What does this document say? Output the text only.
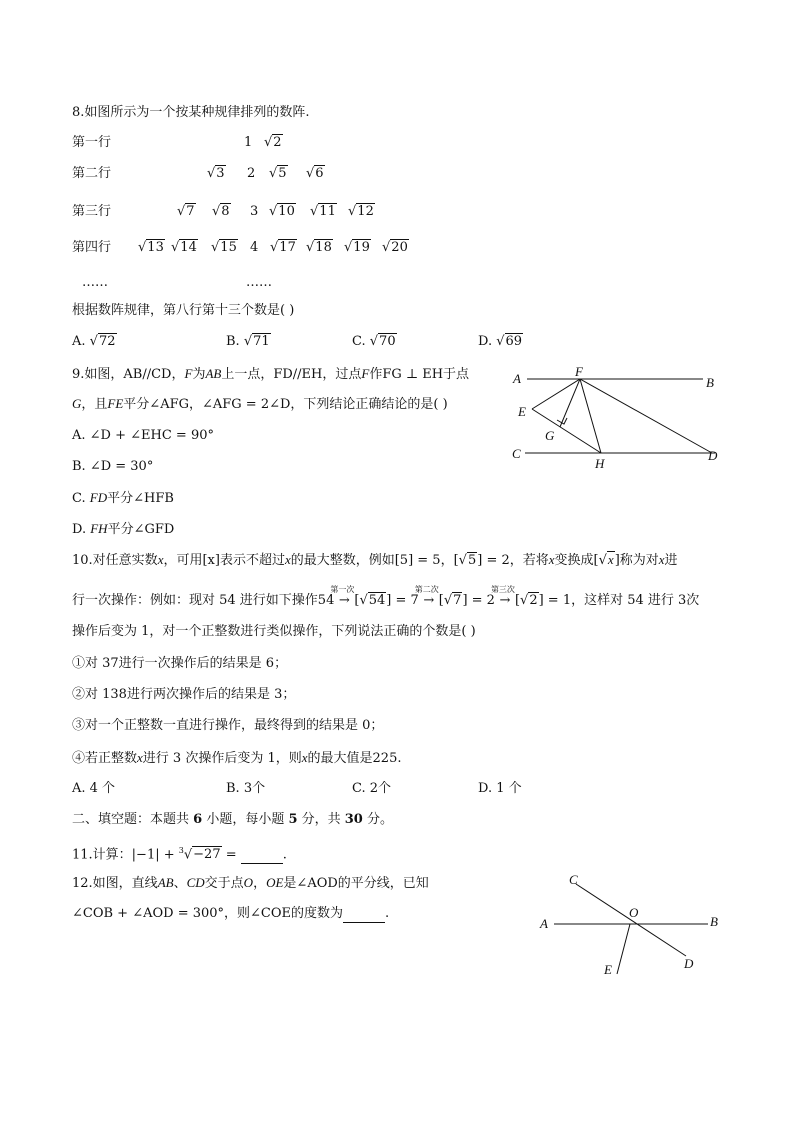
8.如图所示为一个按某种规律排列的数阵.
第一行	1 √2
第二行	√3 2 √5 √6
第三行	√7 √8 3 √10 √11 √12
第四行 √13 √14 √15 4 √17 √18 √19 √20
……	……
根据数阵规律，第八行第十三个数是( )
A. √72	B. √71	C. √70	D. √69
9.如图，AB//CD，F为AB上一点，FD//EH，过点F作FG ⊥ EH于点
G，且FE平分∠AFG，∠AFG = 2∠D，下列结论正确结论的是( )
A. ∠D + ∠EHC = 90°
B. ∠D = 30°
C. FD平分∠HFB
D. FH平分∠GFD
A	F
B
E
G
C
H
D
10.对任意实数x，可用[x]表示不超过x的最大整数，例如[5] = 5，[√5] = 2，若将x变换成[√x]称为对x进
行一次操作：例如：现对 54 进行如下操作54
第一次
→ [√54] = 7
第二次
→ [√7] = 2
第三次
→ [√2] = 1，这样对 54 进行 3次
操作后变为 1，对一个正整数进行类似操作，下列说法正确的个数是( )
①对 37进行一次操作后的结果是 6；
②对 138进行两次操作后的结果是 3；
③对一个正整数一直进行操作，最终得到的结果是 0；
④若正整数x进行 3 次操作后变为 1，则x的最大值是225.
A. 4 个	B. 3个	C. 2个	D. 1 个
二、填空题：本题共 6 小题，每小题 5 分，共 30 分。
11.计算：|−1| + $^3$√−27 =	.
12.如图，直线AB、CD交于点O，OE是∠AOD的平分线，已知
∠COB + ∠AOD = 300°，则∠COE的度数为	.
C
A
O
B
E	D
